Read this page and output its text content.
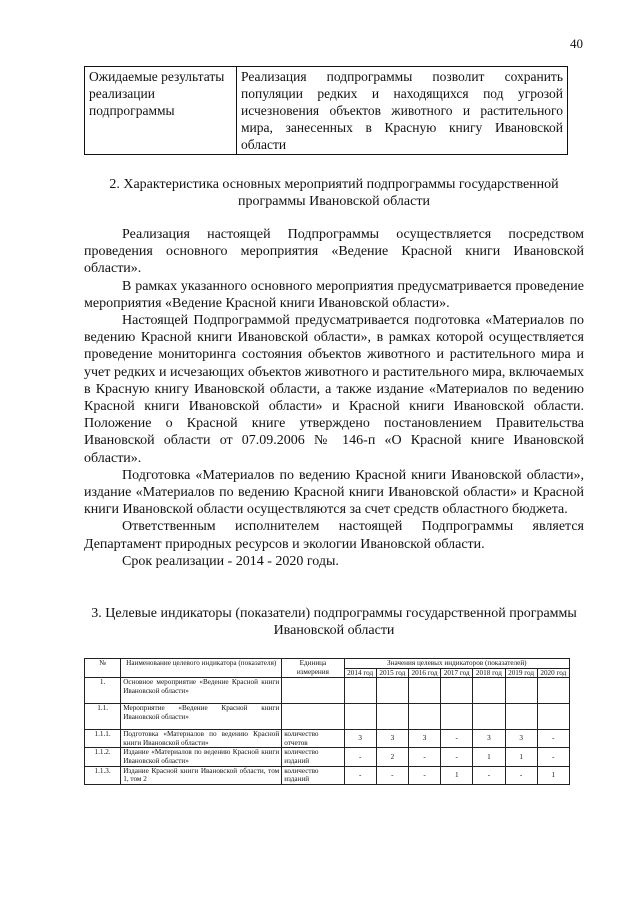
40
Ожидаемые результаты реализации подпрограммы	Реализация подпрограммы позволит сохранить популяции редких и находящихся под угрозой исчезновения объектов животного и растительного мира, занесенных в Красную книгу Ивановской области
2. Характеристика основных мероприятий подпрограммы государственной программы Ивановской области

Реализация настоящей Подпрограммы осуществляется посредством проведения основного мероприятия «Ведение Красной книги Ивановской области».

В рамках указанного основного мероприятия предусматривается проведение мероприятия «Ведение Красной книги Ивановской области».

Настоящей Подпрограммой предусматривается подготовка «Материалов по ведению Красной книги Ивановской области», в рамках которой осуществляется проведение мониторинга состояния объектов животного и растительного мира и учет редких и исчезающих объектов животного и растительного мира, включаемых в Красную книгу Ивановской области, а также издание «Материалов по ведению Красной книги Ивановской области» и Красной книги Ивановской области. Положение о Красной книге утверждено постановлением Правительства Ивановской области от 07.09.2006 № 146-п «О Красной книге Ивановской области».

Подготовка «Материалов по ведению Красной книги Ивановской области», издание «Материалов по ведению Красной книги Ивановской области» и Красной книги Ивановской области осуществляются за счет средств областного бюджета.

Ответственным исполнителем настоящей Подпрограммы является Департамент природных ресурсов и экологии Ивановской области.

Срок реализации - 2014 - 2020 годы.

3. Целевые индикаторы (показатели) подпрограммы государственной программы Ивановской области
№	Наименование целевого индикатора (показателя)	Единица измерения	Значения целевых индикаторов (показателей)						
			2014 год	2015 год	2016 год	2017 год	2018 год	2019 год	2020 год
1.	Основное мероприятие «Ведение Красной книги Ивановской области»								
1.1.	Мероприятие «Ведение Красной книги Ивановской области»								
1.1.1.	Подготовка «Материалов по ведению Красной книги Ивановской области»	количество отчетов	3	3	3	-	3	3	-
1.1.2.	Издание «Материалов по ведению Красной книги Ивановской области»	количество изданий	-	2	-	-	1	1	-
1.1.3.	Издание Красной книги Ивановской области, том 1, том 2	количество изданий	-	-	-	1	-	-	1
